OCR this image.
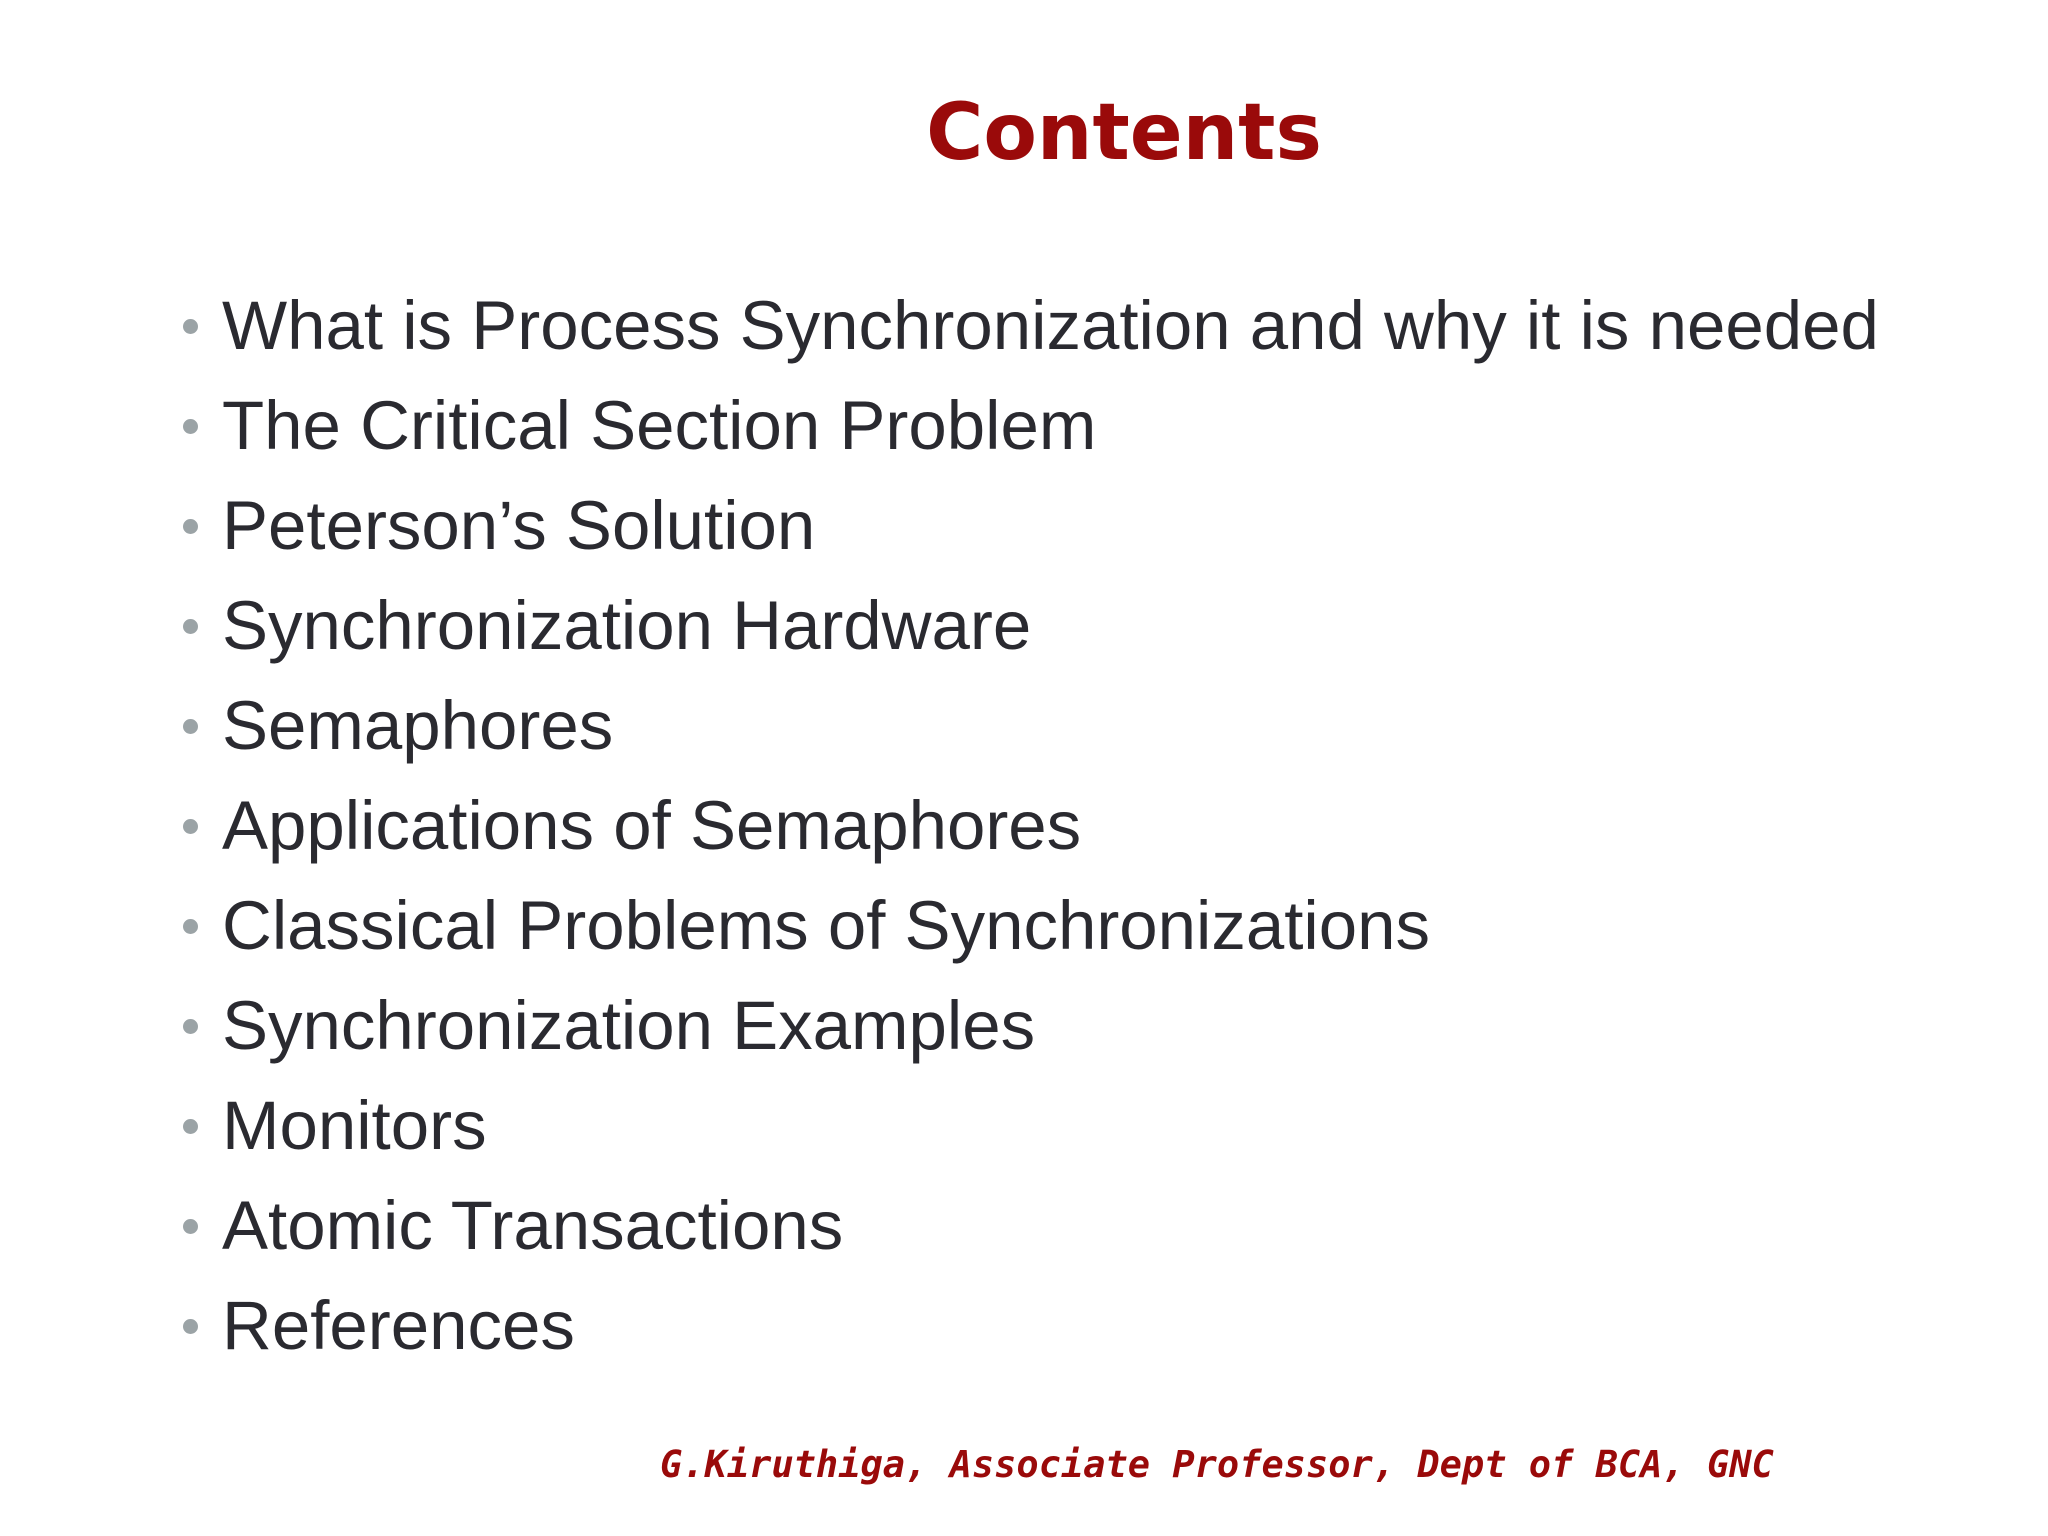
Contents
What is Process Synchronization and why it is needed
The Critical Section Problem
Peterson’s Solution
Synchronization Hardware
Semaphores
Applications of Semaphores
Classical Problems of Synchronizations
Synchronization Examples
Monitors
Atomic Transactions
References
G.Kiruthiga, Associate Professor, Dept of BCA, GNC
